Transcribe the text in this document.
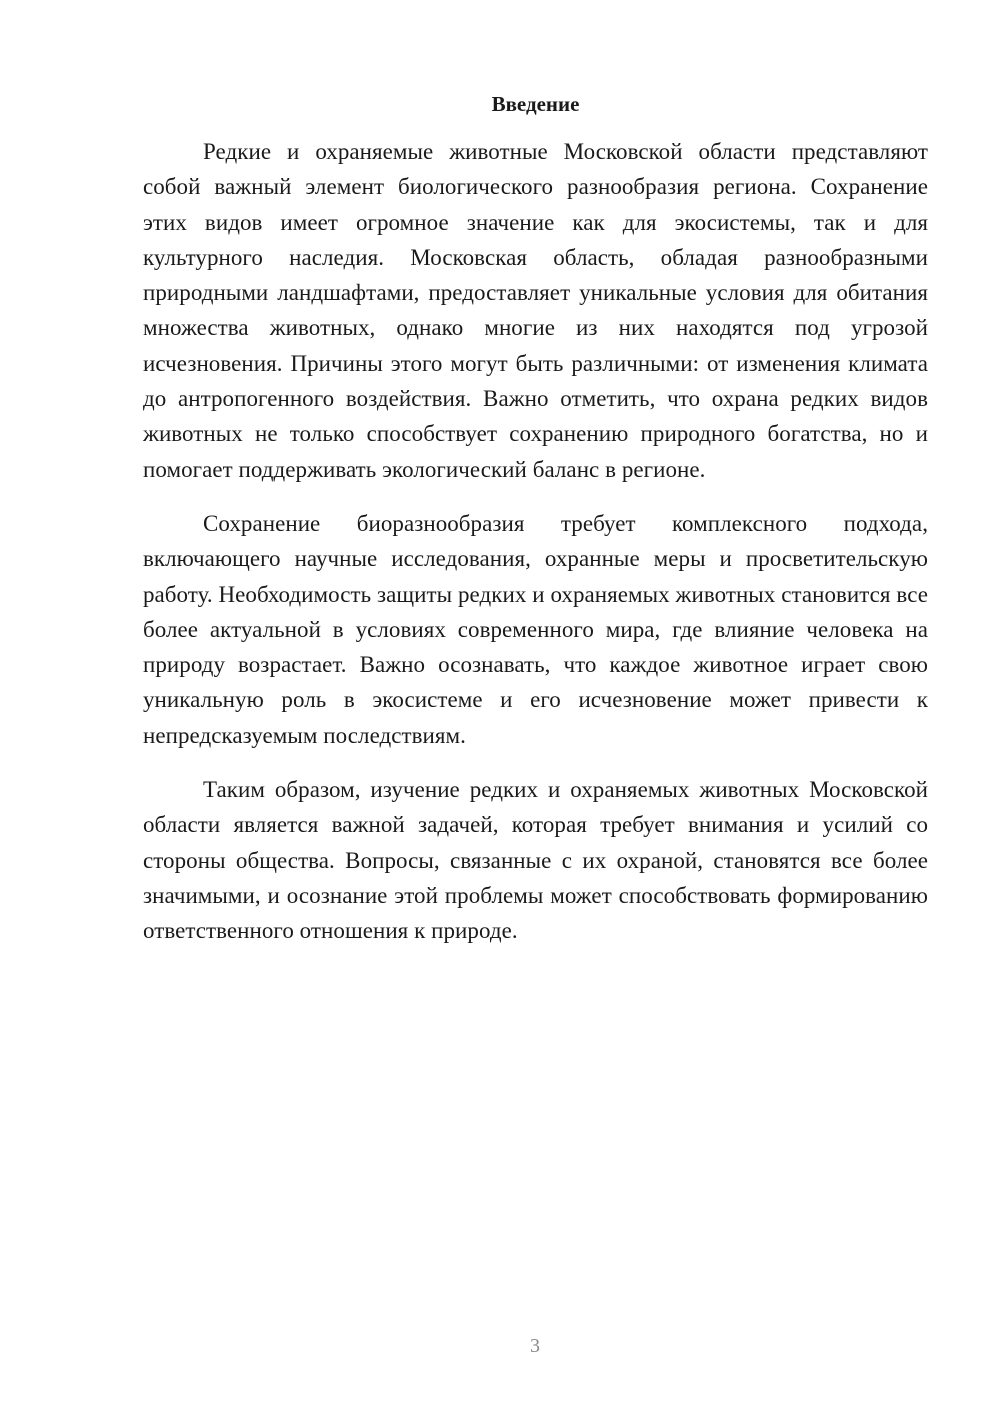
Введение

Редкие и охраняемые животные Московской области представляют собой важный элемент биологического разнообразия региона. Сохранение этих видов имеет огромное значение как для экосистемы, так и для культурного наследия. Московская область, обладая разнообразными природными ландшафтами, предоставляет уникальные условия для обитания множества животных, однако многие из них находятся под угрозой исчезновения. Причины этого могут быть различными: от изменения климата до антропогенного воздействия. Важно отметить, что охрана редких видов животных не только способствует сохранению природного богатства, но и помогает поддерживать экологический баланс в регионе.

Сохранение биоразнообразия требует комплексного подхода, включающего научные исследования, охранные меры и просветительскую работу. Необходимость защиты редких и охраняемых животных становится все более актуальной в условиях современного мира, где влияние человека на природу возрастает. Важно осознавать, что каждое животное играет свою уникальную роль в экосистеме и его исчезновение может привести к непредсказуемым последствиям.

Таким образом, изучение редких и охраняемых животных Московской области является важной задачей, которая требует внимания и усилий со стороны общества. Вопросы, связанные с их охраной, становятся все более значимыми, и осознание этой проблемы может способствовать формированию ответственного отношения к природе.

3
